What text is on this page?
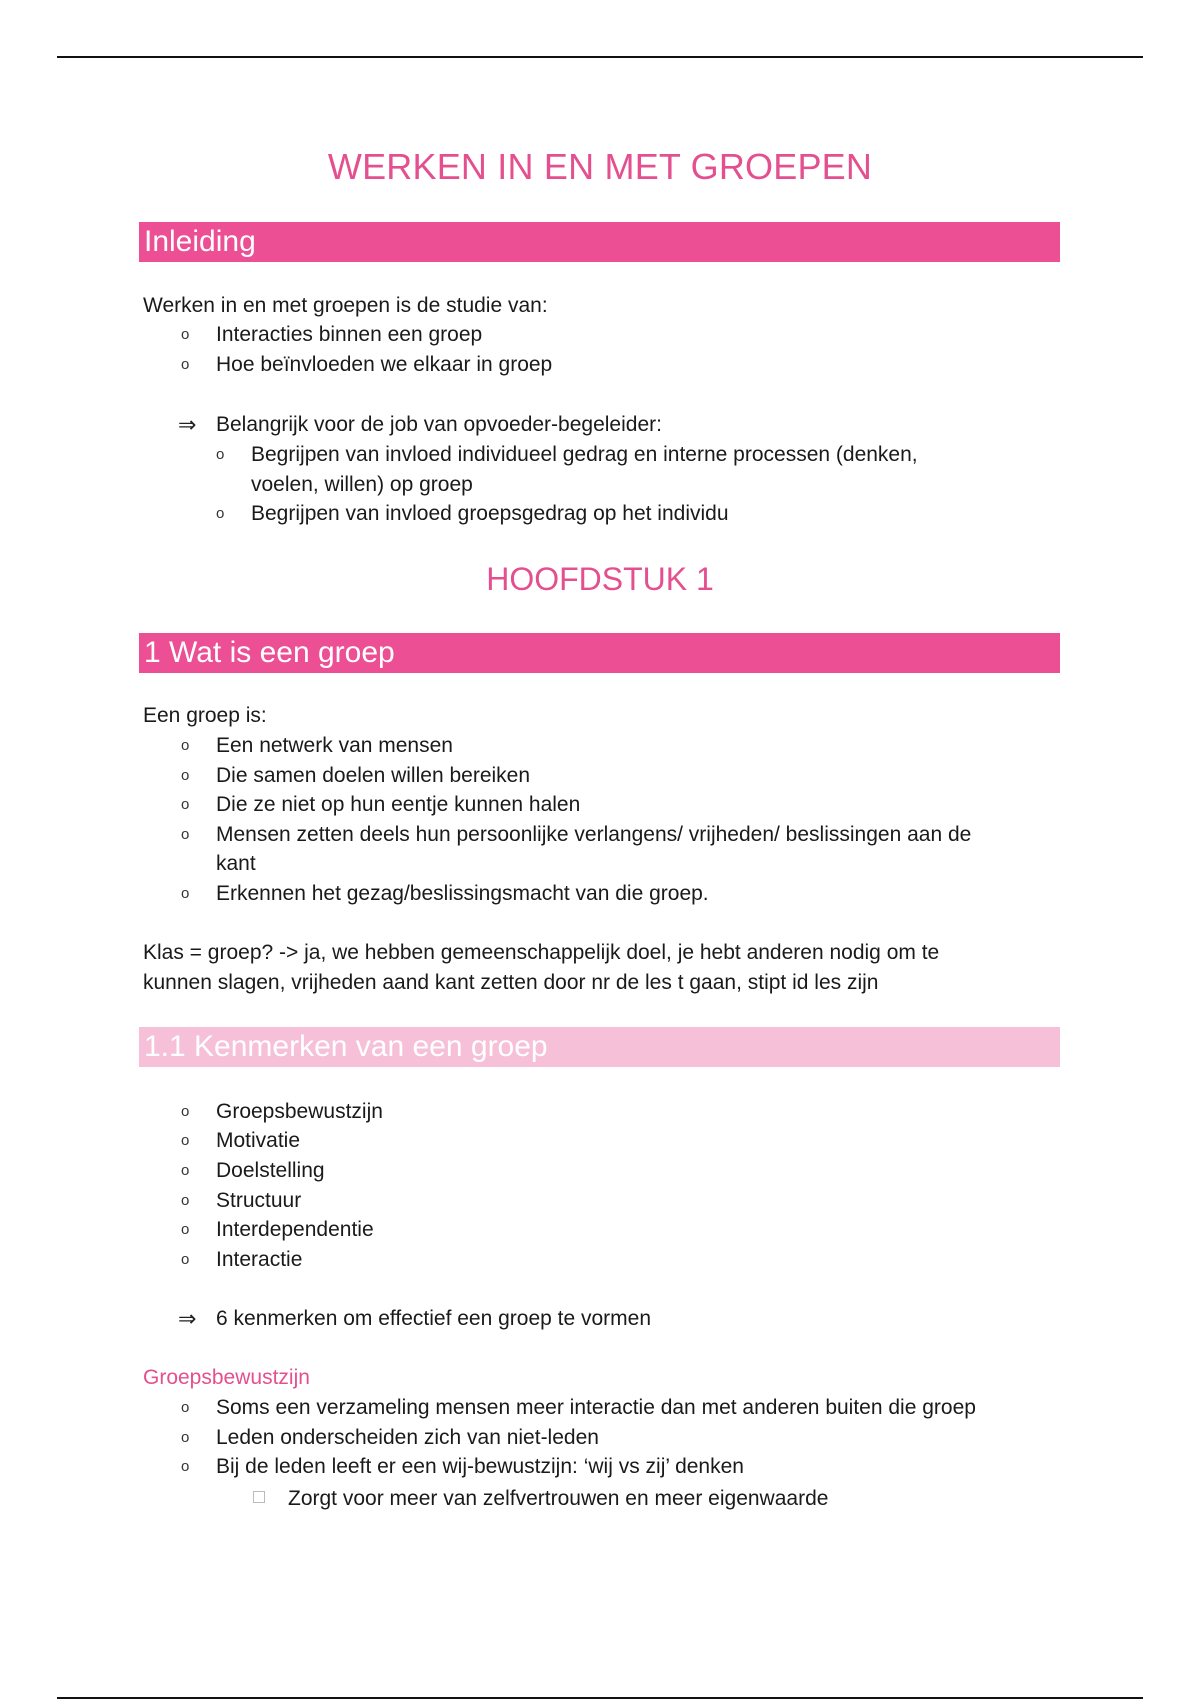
WERKEN IN EN MET GROEPEN
Inleiding
Werken in en met groepen is de studie van:
o Interacties binnen een groep
o Hoe beïnvloeden we elkaar in groep
⇒ Belangrijk voor de job van opvoeder-begeleider:
o Begrijpen van invloed individueel gedrag en interne processen (denken,
voelen, willen) op groep
o Begrijpen van invloed groepsgedrag op het individu
HOOFDSTUK 1
1 Wat is een groep
Een groep is:
o Een netwerk van mensen
o Die samen doelen willen bereiken
o Die ze niet op hun eentje kunnen halen
o Mensen zetten deels hun persoonlijke verlangens/ vrijheden/ beslissingen aan de
kant
o Erkennen het gezag/beslissingsmacht van die groep.
Klas = groep? -> ja, we hebben gemeenschappelijk doel, je hebt anderen nodig om te
kunnen slagen, vrijheden aand kant zetten door nr de les t gaan, stipt id les zijn
1.1 Kenmerken van een groep
o Groepsbewustzijn
o Motivatie
o Doelstelling
o Structuur
o Interdependentie
o Interactie
⇒ 6 kenmerken om effectief een groep te vormen
Groepsbewustzijn
o Soms een verzameling mensen meer interactie dan met anderen buiten die groep
o Leden onderscheiden zich van niet-leden
o Bij de leden leeft er een wij-bewustzijn: ‘wij vs zij’ denken
Zorgt voor meer van zelfvertrouwen en meer eigenwaarde
